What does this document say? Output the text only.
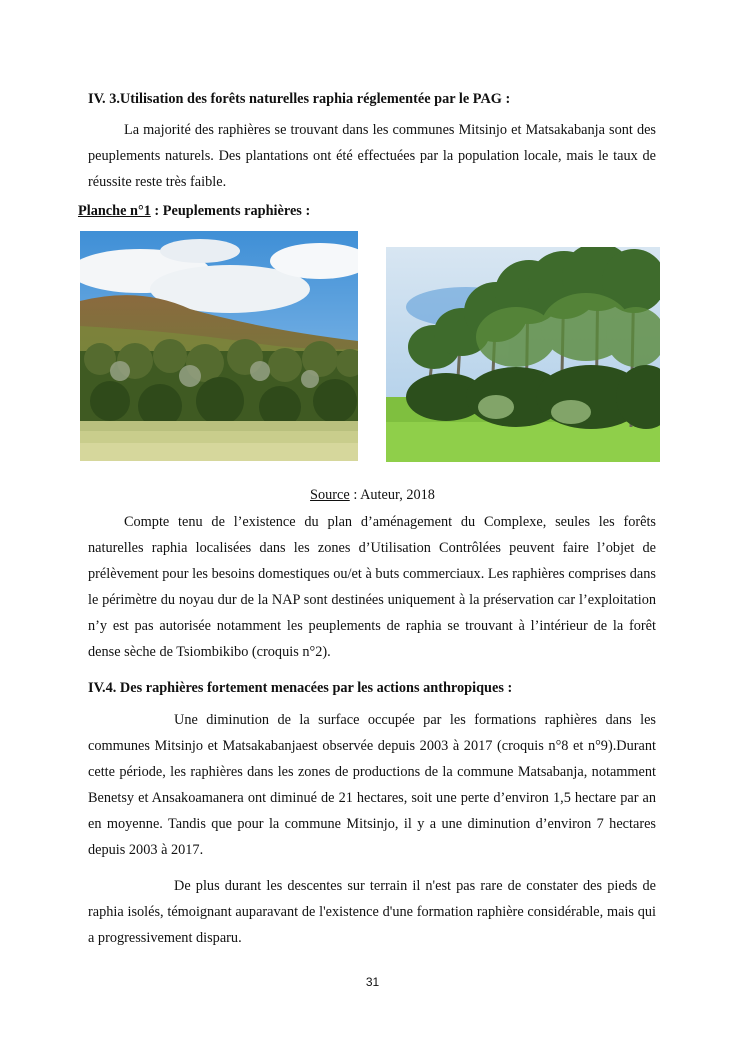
IV. 3.Utilisation des forêts naturelles raphia réglementée par le PAG :

La majorité des raphières se trouvant dans les communes Mitsinjo et Matsakabanja sont des peuplements naturels. Des plantations ont été effectuées par la population locale, mais le taux de réussite reste très faible.

Planche n°1 : Peuplements raphières :

Source : Auteur, 2018

Compte tenu de l’existence du plan d’aménagement du Complexe, seules les forêts naturelles raphia localisées dans les zones d’Utilisation Contrôlées peuvent faire l’objet de prélèvement pour les besoins domestiques ou/et à buts commerciaux. Les raphières comprises dans le périmètre du noyau dur de la NAP sont destinées uniquement à la préservation car l’exploitation n’y est pas autorisée notamment les peuplements de raphia se trouvant à l’intérieur de la forêt dense sèche de Tsiombikibo (croquis n°2).

IV.4. Des raphières fortement menacées par les actions anthropiques :

Une diminution de la surface occupée par les formations raphières dans les communes Mitsinjo et Matsakabanjaest observée depuis 2003 à 2017 (croquis n°8 et n°9).Durant cette période, les raphières dans les zones de productions de la commune Matsabanja, notamment Benetsy et Ansakoamanera ont diminué de 21 hectares, soit une perte d’environ 1,5 hectare par an en moyenne. Tandis que pour la commune Mitsinjo, il y a une diminution d’environ 7 hectares depuis 2003 à 2017.

De plus durant les descentes sur terrain il n'est pas rare de constater des pieds de raphia isolés, témoignant auparavant de l'existence d'une formation raphière considérable, mais qui a progressivement disparu.

31
